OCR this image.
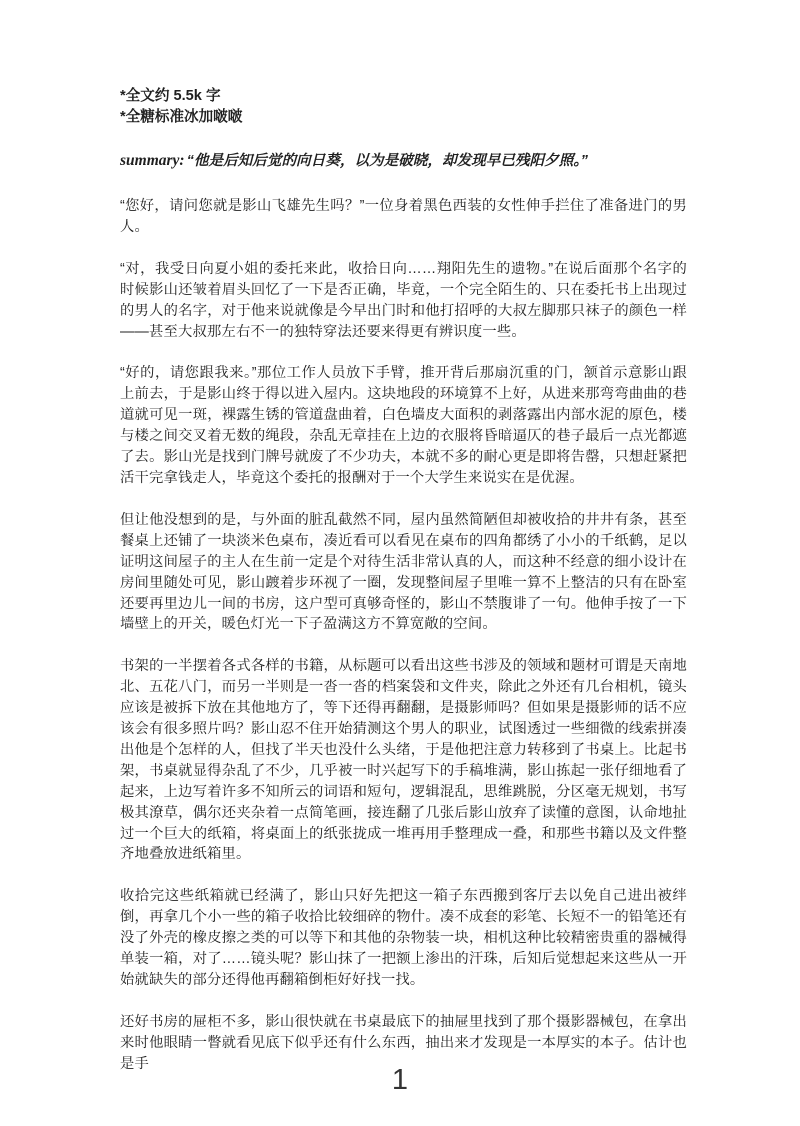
*全文约 5.5k 字

*全糖标准冰加啵啵

summary: “他是后知后觉的向日葵，以为是破晓，却发现早已残阳夕照。”

“您好，请问您就是影山飞雄先生吗？”一位身着黑色西装的女性伸手拦住了准备进门的男人。

“对，我受日向夏小姐的委托来此，收拾日向……翔阳先生的遗物。”在说后面那个名字的时候影山还皱着眉头回忆了一下是否正确，毕竟，一个完全陌生的、只在委托书上出现过的男人的名字，对于他来说就像是今早出门时和他打招呼的大叔左脚那只袜子的颜色一样——甚至大叔那左右不一的独特穿法还要来得更有辨识度一些。

“好的，请您跟我来。”那位工作人员放下手臂，推开背后那扇沉重的门，颔首示意影山跟上前去，于是影山终于得以进入屋内。这块地段的环境算不上好，从进来那弯弯曲曲的巷道就可见一斑，裸露生锈的管道盘曲着，白色墙皮大面积的剥落露出内部水泥的原色，楼与楼之间交叉着无数的绳段，杂乱无章挂在上边的衣服将昏暗逼仄的巷子最后一点光都遮了去。影山光是找到门牌号就废了不少功夫，本就不多的耐心更是即将告罄，只想赶紧把活干完拿钱走人，毕竟这个委托的报酬对于一个大学生来说实在是优渥。

但让他没想到的是，与外面的脏乱截然不同，屋内虽然简陋但却被收拾的井井有条，甚至餐桌上还铺了一块淡米色桌布，凑近看可以看见在桌布的四角都绣了小小的千纸鹤，足以证明这间屋子的主人在生前一定是个对待生活非常认真的人，而这种不经意的细小设计在房间里随处可见，影山踱着步环视了一圈，发现整间屋子里唯一算不上整洁的只有在卧室还要再里边儿一间的书房，这户型可真够奇怪的，影山不禁腹诽了一句。他伸手按了一下墙壁上的开关，暖色灯光一下子盈满这方不算宽敞的空间。

书架的一半摆着各式各样的书籍，从标题可以看出这些书涉及的领域和题材可谓是天南地北、五花八门，而另一半则是一沓一沓的档案袋和文件夹，除此之外还有几台相机，镜头应该是被拆下放在其他地方了，等下还得再翻翻，是摄影师吗？但如果是摄影师的话不应该会有很多照片吗？影山忍不住开始猜测这个男人的职业，试图透过一些细微的线索拼凑出他是个怎样的人，但找了半天也没什么头绪，于是他把注意力转移到了书桌上。比起书架，书桌就显得杂乱了不少，几乎被一时兴起写下的手稿堆满，影山拣起一张仔细地看了起来，上边写着许多不知所云的词语和短句，逻辑混乱，思维跳脱，分区毫无规划，书写极其潦草，偶尔还夹杂着一点简笔画，接连翻了几张后影山放弃了读懂的意图，认命地扯过一个巨大的纸箱，将桌面上的纸张拢成一堆再用手整理成一叠，和那些书籍以及文件整齐地叠放进纸箱里。

收拾完这些纸箱就已经满了，影山只好先把这一箱子东西搬到客厅去以免自己进出被绊倒，再拿几个小一些的箱子收拾比较细碎的物什。凑不成套的彩笔、长短不一的铅笔还有没了外壳的橡皮擦之类的可以等下和其他的杂物装一块，相机这种比较精密贵重的器械得单装一箱，对了……镜头呢？影山抹了一把额上渗出的汗珠，后知后觉想起来这些从一开始就缺失的部分还得他再翻箱倒柜好好找一找。

还好书房的屉柜不多，影山很快就在书桌最底下的抽屉里找到了那个摄影器械包，在拿出来时他眼睛一瞥就看见底下似乎还有什么东西，抽出来才发现是一本厚实的本子。估计也是手

1
